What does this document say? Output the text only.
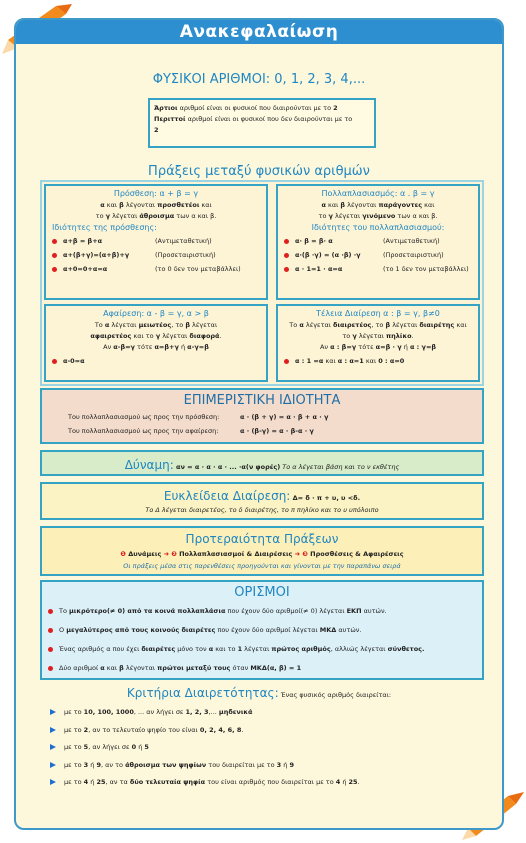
Ανακεφαλαίωση
ΦΥΣΙΚΟΙ ΑΡΙΘΜΟΙ: 0, 1, 2, 3, 4,...
Άρτιοι αριθμοί είναι οι φυσικοί που διαιρούνται με το 2
Περιττοί αριθμοί είναι οι φυσικοί που δεν διαιρούνται με το
2
Πράξεις μεταξύ φυσικών αριθμών
Πρόσθεση: α + β = γ
α και β λέγονται προσθετέοι και
το γ λέγεται άθροισμα των α και β.
Ιδιότητες της πρόσθεσης:
α+β = β+α	(Αντιμεταθετική)
α+(β+γ)=(α+β)+γ	(Προσεταιριστική)
α+0=0+α=α	(το 0 δεν τον μεταβάλλει)
Πολλαπλασιασμός: α . β = γ
α και β λέγονται παράγοντες και
το γ λέγεται γινόμενο των α και β.
Ιδιότητες του πολλαπλασιασμού:
α· β = β· α	(Αντιμεταθετική)
α·(β ·γ) = (α ·β) ·γ	(Προσεταιριστική)
α · 1=1 · α=α	(το 1 δεν τον μεταβάλλει)
Αφαίρεση: α - β = γ, α > β
Το α λέγεται μειωτέος, το β λέγεται
αφαιρετέος και το γ λέγεται διαφορά.
Αν α-β=γ τότε α=β+γ ή α-γ=β
α-0=α
Τέλεια Διαίρεση α : β = γ, β≠0
Το α λέγεται διαιρετέος, το β λέγεται διαιρέτης και
το γ λέγεται πηλίκο.
Αν α : β=γ τότε α=β · γ ή α : γ=β
α : 1 =α και α : α=1 και 0 : α=0
ΕΠΙΜΕΡΙΣΤΙΚΗ ΙΔΙΟΤΗΤΑ
Του πολλαπλασιασμού ως προς την πρόσθεση:	α · (β + γ) = α · β + α · γ
Του πολλαπλασιασμού ως προς την αφαίρεση:	α · (β-γ) = α · β-α · γ
Δύναμη: αν = α · α · α · ... ·α(ν φορές) Το α λέγεται βάση και το ν εκθέτης
Ευκλείδεια Διαίρεση: Δ= δ · π + υ, υ <δ.
Το Δ λέγεται διαιρετέος, το δ διαιρέτης, το π πηλίκο και το υ υπόλοιπο
Προτεραιότητα Πράξεων
❶ Δυνάμεις ➜ ❷ Πολλαπλασιασμοί & Διαιρέσεις ➜ ❸ Προσθέσεις & Αφαιρέσεις
Οι πράξεις μέσα στις παρενθέσεις προηγούνται και γίνονται με την παραπάνω σειρά
ΟΡΙΣΜΟΙ
Το μικρότερο(≠ 0) από τα κοινά πολλαπλάσια που έχουν δύο αριθμοί(≠ 0) λέγεται ΕΚΠ αυτών.
Ο μεγαλύτερος από τους κοινούς διαιρέτες που έχουν δύο αριθμοί λέγεται ΜΚΔ αυτών.
Ένας αριθμός α που έχει διαιρέτες μόνο τον α και το 1 λέγεται πρώτος αριθμός, αλλιώς λέγεται σύνθετος.
Δύο αριθμοί α και β λέγονται πρώτοι μεταξύ τους όταν ΜΚΔ(α, β) = 1
Κριτήρια Διαιρετότητας: Ένας φυσικός αριθμός διαιρείται:
με το 10, 100, 1000, ... αν λήγει σε 1, 2, 3,... μηδενικά
με το 2, αν το τελευταίο ψηφίο του είναι 0, 2, 4, 6, 8.
με το 5, αν λήγει σε 0 ή 5
με το 3 ή 9, αν το άθροισμα των ψηφίων του διαιρείται με το 3 ή 9
με το 4 ή 25, αν τα δύο τελευταία ψηφία του είναι αριθμός που διαιρείται με το 4 ή 25.
